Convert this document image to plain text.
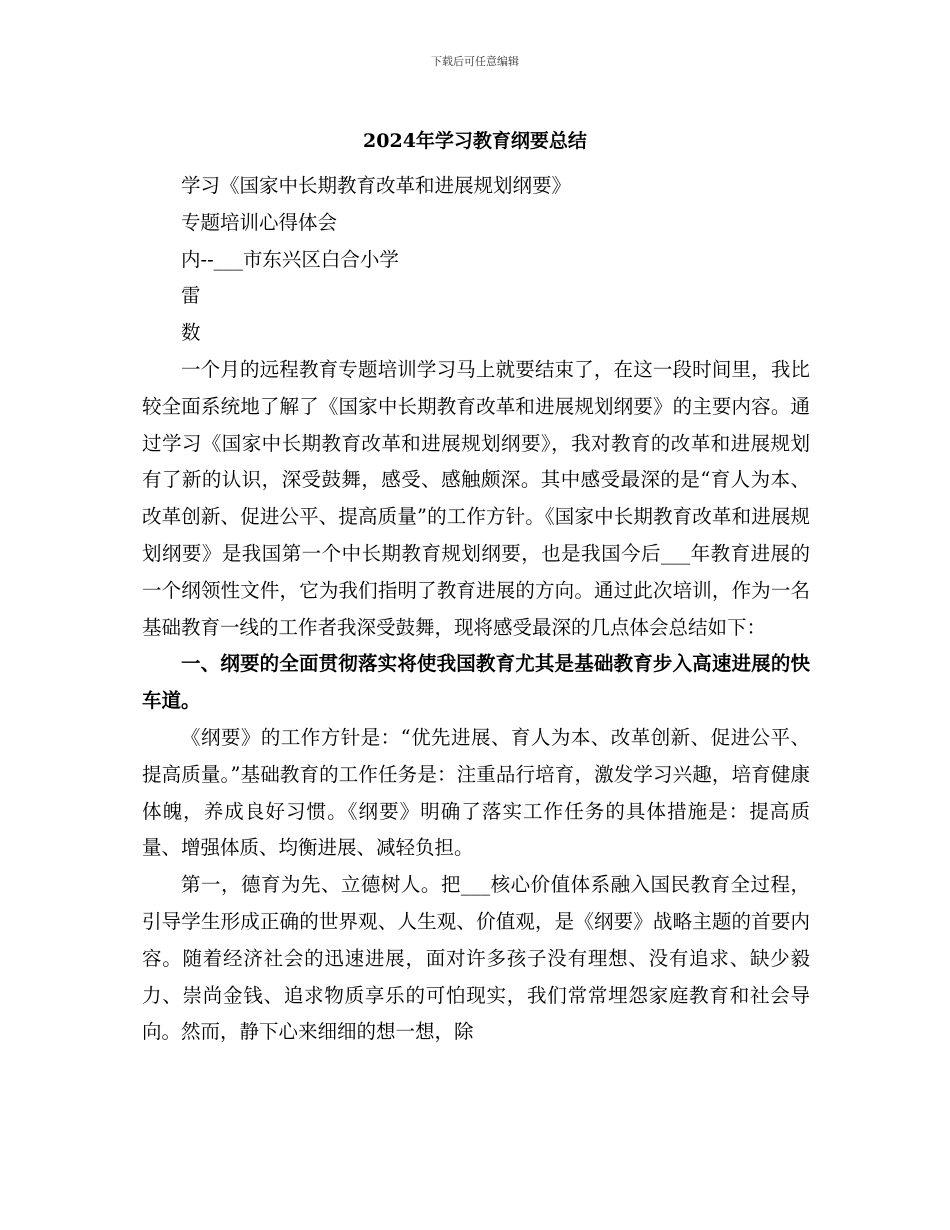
下载后可任意编辑
2024年学习教育纲要总结

学习《国家中长期教育改革和进展规划纲要》

专题培训心得体会

内--___市东兴区白合小学

雷

数

一个月的远程教育专题培训学习马上就要结束了，在这一段时间里，我比较全面系统地了解了《国家中长期教育改革和进展规划纲要》的主要内容。通过学习《国家中长期教育改革和进展规划纲要》，我对教育的改革和进展规划有了新的认识，深受鼓舞，感受、感触颇深。其中感受最深的是“育人为本、改革创新、促进公平、提高质量”的工作方针。《国家中长期教育改革和进展规划纲要》是我国第一个中长期教育规划纲要，也是我国今后___年教育进展的一个纲领性文件，它为我们指明了教育进展的方向。通过此次培训，作为一名基础教育一线的工作者我深受鼓舞，现将感受最深的几点体会总结如下：

一、纲要的全面贯彻落实将使我国教育尤其是基础教育步入高速进展的快车道。

《纲要》的工作方针是：“优先进展、育人为本、改革创新、促进公平、提高质量。”基础教育的工作任务是：注重品行培育，激发学习兴趣，培育健康体魄，养成良好习惯。《纲要》明确了落实工作任务的具体措施是：提高质量、增强体质、均衡进展、减轻负担。

第一，德育为先、立德树人。把___核心价值体系融入国民教育全过程，引导学生形成正确的世界观、人生观、价值观，是《纲要》战略主题的首要内容。随着经济社会的迅速进展，面对许多孩子没有理想、没有追求、缺少毅力、崇尚金钱、追求物质享乐的可怕现实，我们常常埋怨家庭教育和社会导向。然而，静下心来细细的想一想，除
